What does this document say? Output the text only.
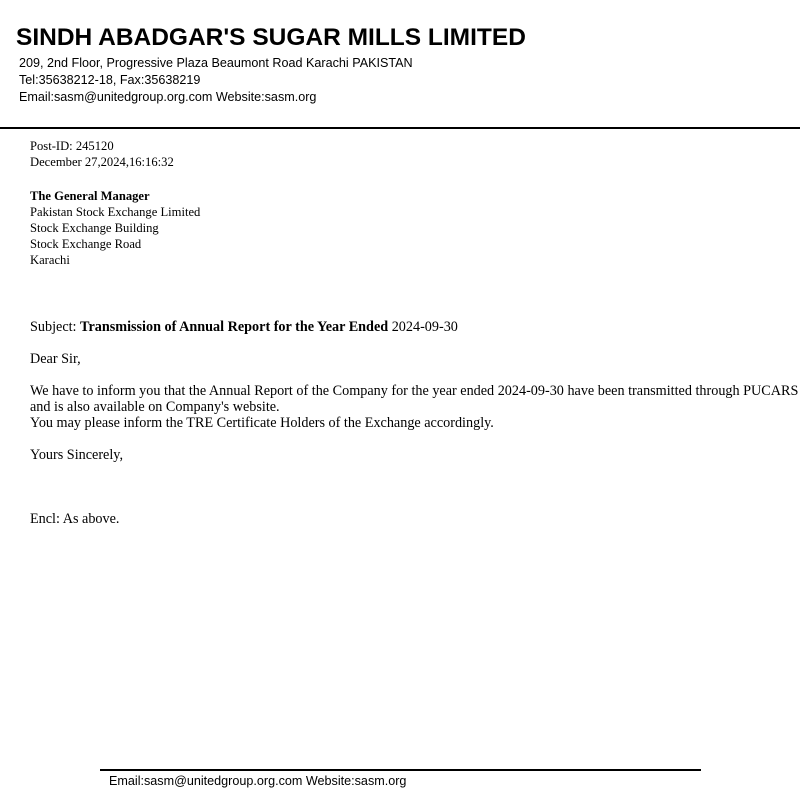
SINDH ABADGAR'S SUGAR MILLS LIMITED
209, 2nd Floor, Progressive Plaza Beaumont Road Karachi PAKISTAN
Tel:35638212-18, Fax:35638219
Email:sasm@unitedgroup.org.com Website:sasm.org
Post-ID: 245120
December 27,2024,16:16:32
The General Manager
Pakistan Stock Exchange Limited
Stock Exchange Building
Stock Exchange Road
Karachi
Subject: Transmission of Annual Report for the Year Ended 2024-09-30
Dear Sir,

We have to inform you that the Annual Report of the Company for the year ended 2024-09-30 have been transmitted through PUCARS and is also available on Company's website.

You may please inform the TRE Certificate Holders of the Exchange accordingly.

Yours Sincerely,
Encl: As above.
Email:sasm@unitedgroup.org.com Website:sasm.org
